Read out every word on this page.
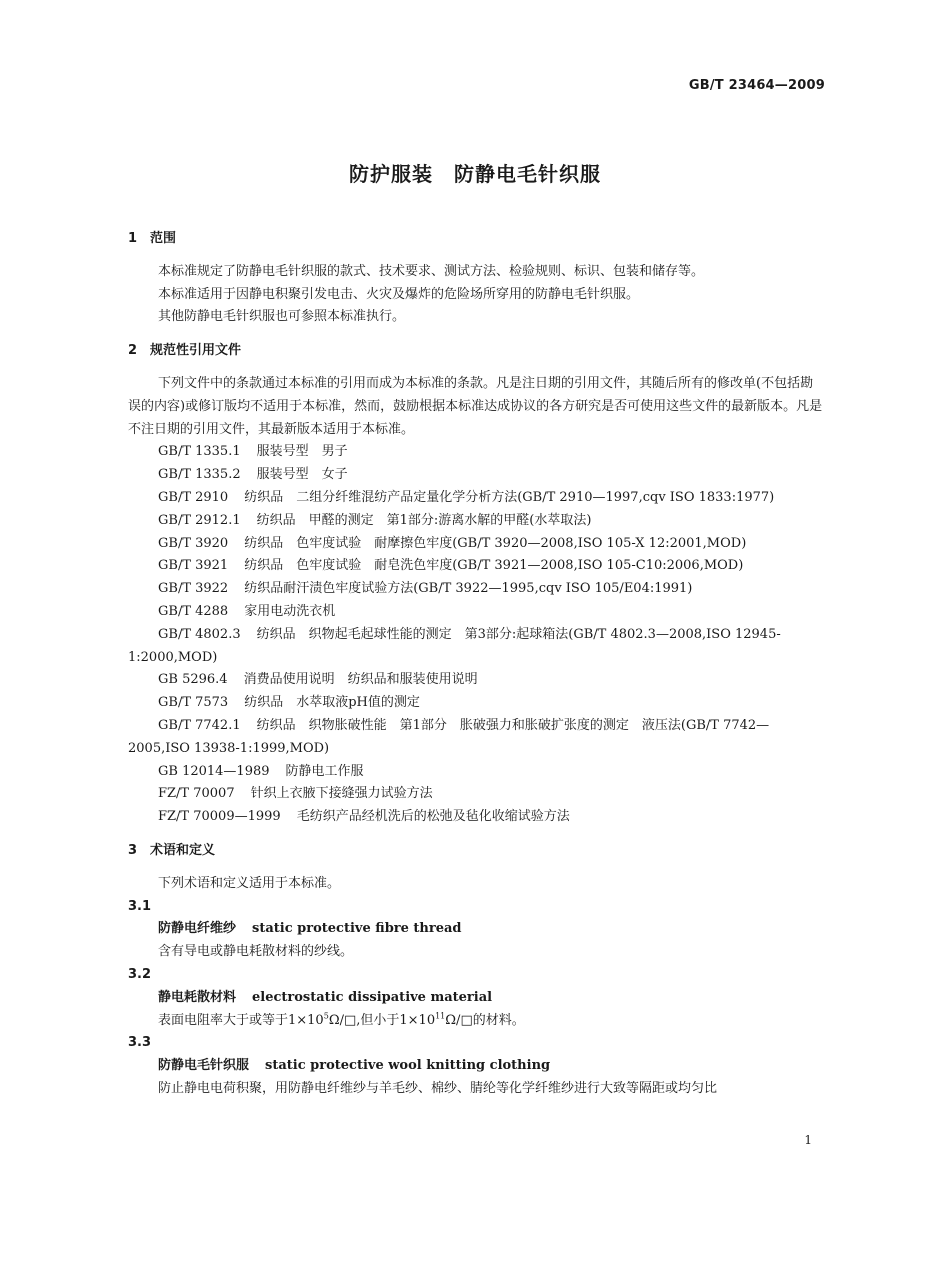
GB/T 23464—2009
防护服装　防静电毛针织服
1 范围

本标准规定了防静电毛针织服的款式、技术要求、测试方法、检验规则、标识、包装和储存等。

本标准适用于因静电积聚引发电击、火灾及爆炸的危险场所穿用的防静电毛针织服。

其他防静电毛针织服也可参照本标准执行。

2 规范性引用文件

下列文件中的条款通过本标准的引用而成为本标准的条款。凡是注日期的引用文件，其随后所有的修改单(不包括勘误的内容)或修订版均不适用于本标准，然而，鼓励根据本标准达成协议的各方研究是否可使用这些文件的最新版本。凡是不注日期的引用文件，其最新版本适用于本标准。

GB/T 1335.1 服装号型　男子

GB/T 1335.2 服装号型　女子

GB/T 2910 纺织品　二组分纤维混纺产品定量化学分析方法(GB/T 2910—1997,cqv ISO 1833:1977)

GB/T 2912.1 纺织品　甲醛的测定　第1部分:游离水解的甲醛(水萃取法)

GB/T 3920 纺织品　色牢度试验　耐摩擦色牢度(GB/T 3920—2008,ISO 105-X 12:2001,MOD)

GB/T 3921 纺织品　色牢度试验　耐皂洗色牢度(GB/T 3921—2008,ISO 105-C10:2006,MOD)

GB/T 3922 纺织品耐汗渍色牢度试验方法(GB/T 3922—1995,cqv ISO 105/E04:1991)

GB/T 4288 家用电动洗衣机

GB/T 4802.3 纺织品　织物起毛起球性能的测定　第3部分:起球箱法(GB/T 4802.3—2008,ISO 12945-1:2000,MOD)

GB 5296.4 消费品使用说明　纺织品和服装使用说明

GB/T 7573 纺织品　水萃取液pH值的测定

GB/T 7742.1 纺织品　织物胀破性能　第1部分　胀破强力和胀破扩张度的测定　液压法(GB/T 7742—2005,ISO 13938-1:1999,MOD)

GB 12014—1989 防静电工作服

FZ/T 70007 针织上衣腋下接缝强力试验方法

FZ/T 70009—1999 毛纺织产品经机洗后的松弛及毡化收缩试验方法

3 术语和定义

下列术语和定义适用于本标准。

3.1
防静电纤维纱 static protective fibre thread

含有导电或静电耗散材料的纱线。

3.2
静电耗散材料 electrostatic dissipative material

表面电阻率大于或等于$1\times 10^5\Omega/□$,但小于$1\times 10^{11}\Omega/□$的材料。

3.3
防静电毛针织服 static protective wool knitting clothing

防止静电电荷积聚，用防静电纤维纱与羊毛纱、棉纱、腈纶等化学纤维纱进行大致等隔距或均匀比

1
